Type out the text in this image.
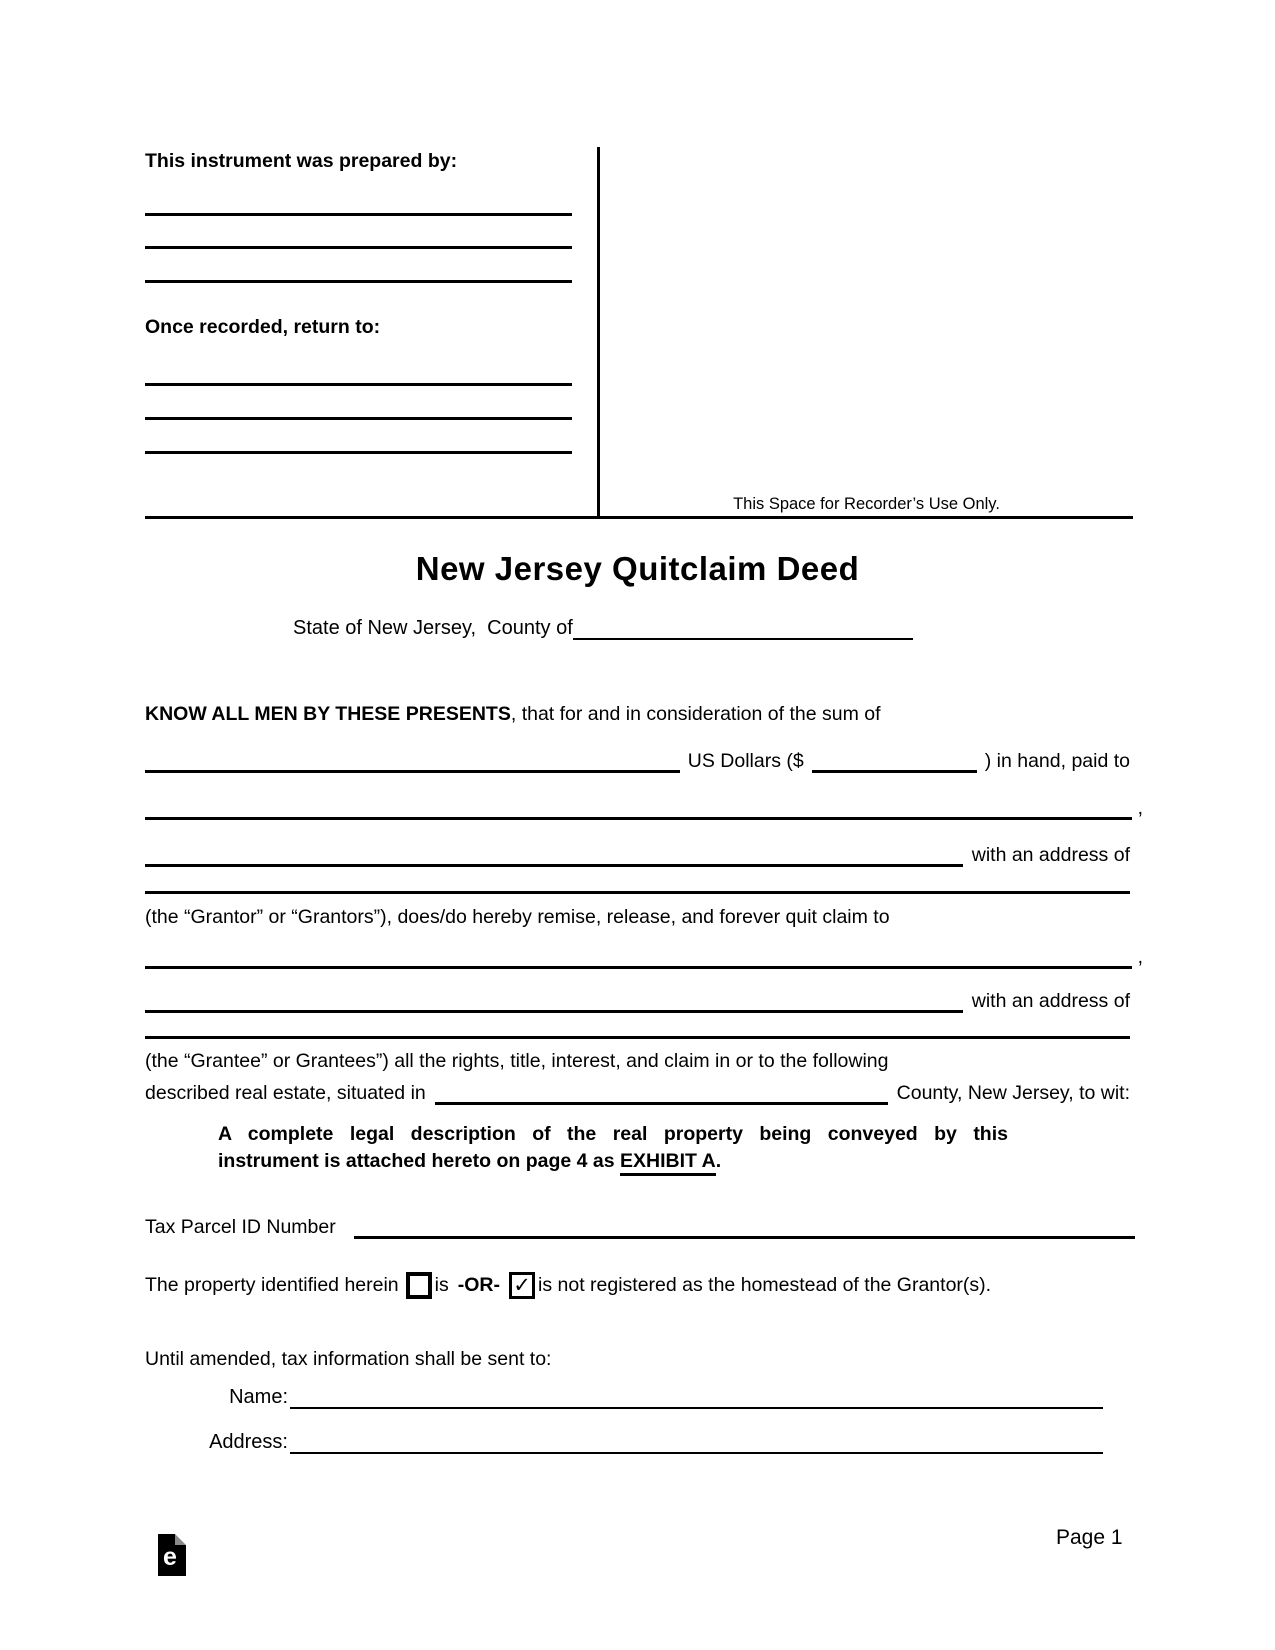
This instrument was prepared by:
Once recorded, return to:
This Space for Recorder’s Use Only.
New Jersey Quitclaim Deed
State of New Jersey,  County of
KNOW ALL MEN BY THESE PRESENTS, that for and in consideration of the sum of
US Dollars ($	) in hand, paid to
,
with an address of
(the “Grantor” or “Grantors”), does/do hereby remise, release, and forever quit claim to
,
with an address of
(the “Grantee” or Grantees”) all the rights, title, interest, and claim in or to the following
described real estate, situated in	County, New Jersey, to wit:
A complete legal description of the real property being conveyed by this
instrument is attached hereto on page 4 as EXHIBIT A.
Tax Parcel ID Number
The property identified herein is -OR- ✓ is not registered as the homestead of the Grantor(s).
Until amended, tax information shall be sent to:
Name:
Address:
e
Page 1
